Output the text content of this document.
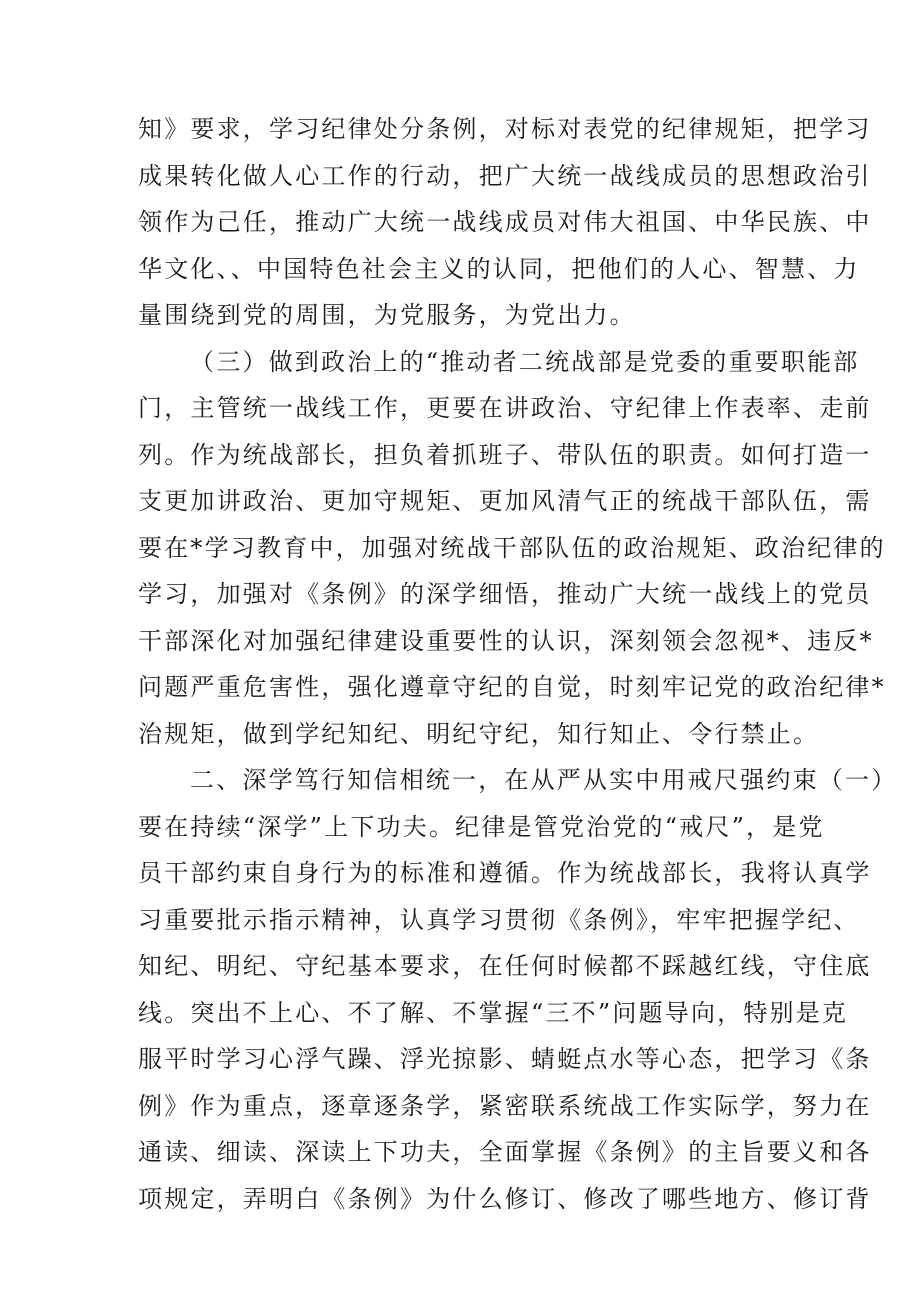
知》要求，学习纪律处分条例，对标对表党的纪律规矩，把学习
成果转化做人心工作的行动，把广大统一战线成员的思想政治引
领作为己任，推动广大统一战线成员对伟大祖国、中华民族、中
华文化、、中国特色社会主义的认同，把他们的人心、智慧、力
量围绕到党的周围，为党服务，为党出力。
（三）做到政治上的“推动者二统战部是党委的重要职能部
门，主管统一战线工作，更要在讲政治、守纪律上作表率、走前
列。作为统战部长，担负着抓班子、带队伍的职责。如何打造一
支更加讲政治、更加守规矩、更加风清气正的统战干部队伍，需
要在*学习教育中，加强对统战干部队伍的政治规矩、政治纪律的
学习，加强对《条例》的深学细悟，推动广大统一战线上的党员
干部深化对加强纪律建设重要性的认识，深刻领会忽视*、违反*
问题严重危害性，强化遵章守纪的自觉，时刻牢记党的政治纪律*
治规矩，做到学纪知纪、明纪守纪，知行知止、令行禁止。
二、深学笃行知信相统一，在从严从实中用戒尺强约束（一）
要在持续“深学”上下功夫。纪律是管党治党的“戒尺”，是党
员干部约束自身行为的标准和遵循。作为统战部长，我将认真学
习重要批示指示精神，认真学习贯彻《条例》，牢牢把握学纪、
知纪、明纪、守纪基本要求，在任何时候都不踩越红线，守住底
线。突出不上心、不了解、不掌握“三不”问题导向，特别是克
服平时学习心浮气躁、浮光掠影、蜻蜓点水等心态，把学习《条
例》作为重点，逐章逐条学，紧密联系统战工作实际学，努力在
通读、细读、深读上下功夫，全面掌握《条例》的主旨要义和各
项规定，弄明白《条例》为什么修订、修改了哪些地方、修订背
